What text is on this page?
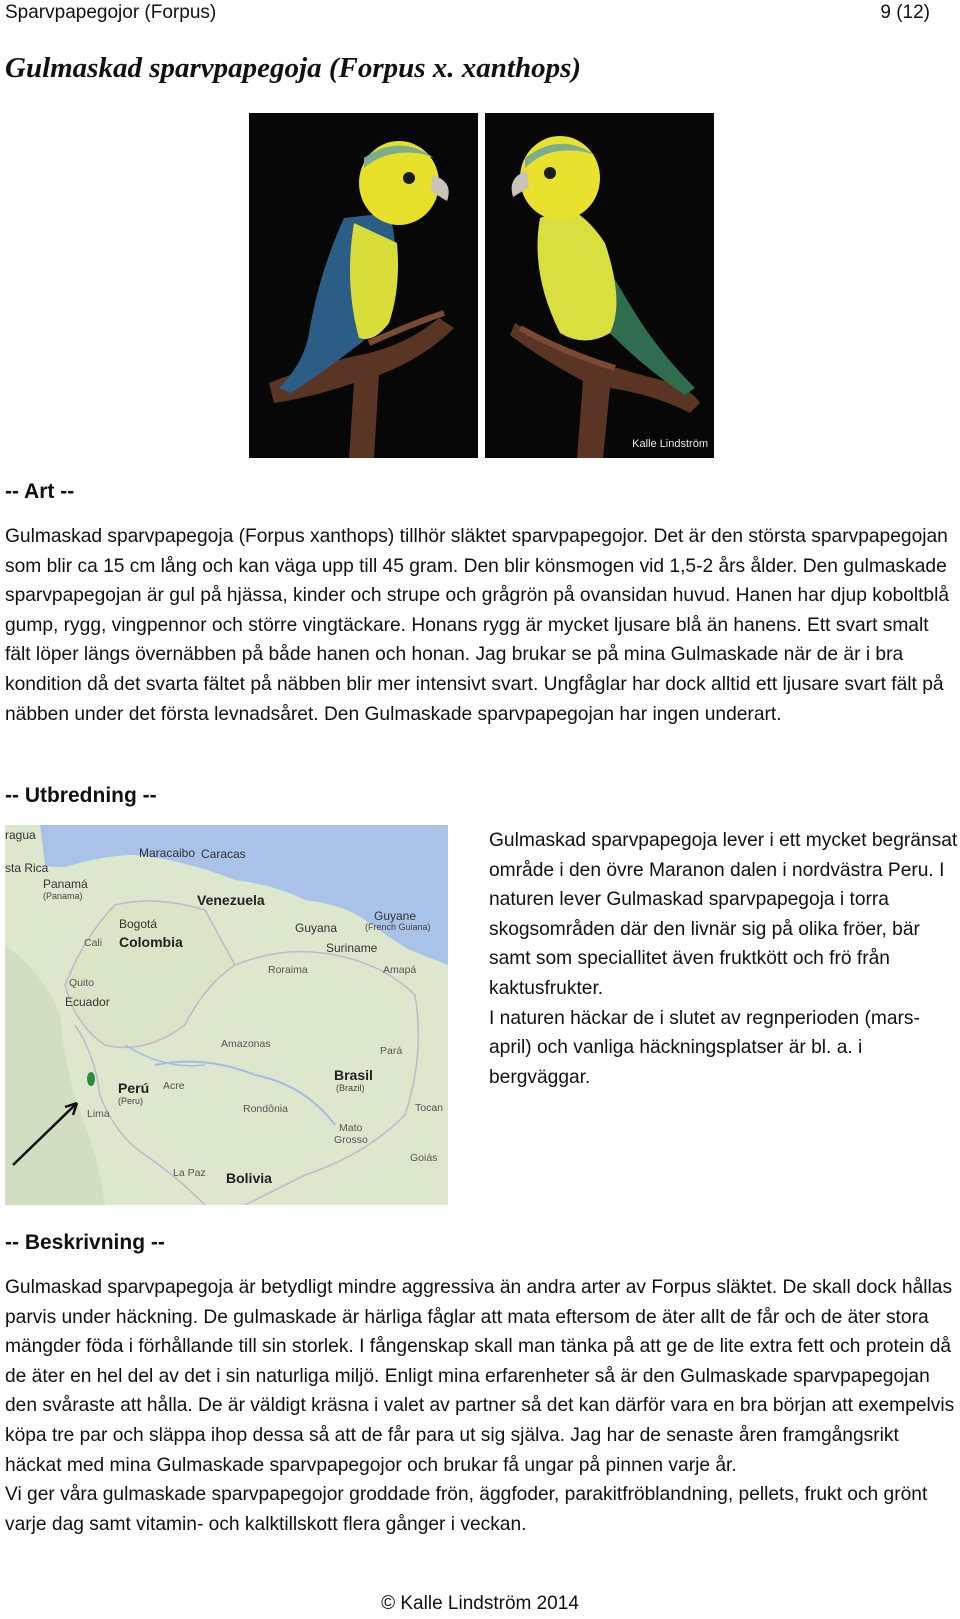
Sparvpapegojor (Forpus)	9 (12)
Gulmaskad sparvpapegoja (Forpus x. xanthops)
Kalle Lindström
-- Art --

Gulmaskad sparvpapegoja (Forpus xanthops) tillhör släktet sparvpapegojor. Det är den största sparvpapegojan som blir ca 15 cm lång och kan väga upp till 45 gram. Den blir könsmogen vid 1,5-2 års ålder. Den gulmaskade sparvpapegojan är gul på hjässa, kinder och strupe och grågrön på ovansidan huvud. Hanen har djup koboltblå gump, rygg, vingpennor och större vingtäckare. Honans rygg är mycket ljusare blå än hanens. Ett svart smalt fält löper längs övernäbben på både hanen och honan. Jag brukar se på mina Gulmaskade när de är i bra kondition då det svarta fältet på näbben blir mer intensivt svart. Ungfåglar har dock alltid ett ljusare svart fält på näbben under det första levnadsåret. Den Gulmaskade sparvpapegojan har ingen underart.

-- Utbredning --
ragua
sta Rica
Panamá
(Panama)
Maracaibo Caracas
Venezuela
Guyane
(French Guiana)
Guyana
Suriname
Bogotá
Cali Colombia
Roraima	Amapá
Quito
Ecuador
Amazonas
Pará
Perú
(Peru)
Acre
Brasil
(Brazil)
Lima	Rondônia	Tocan
Mato
Grosso
La Paz Bolivia
Goiás

Gulmaskad sparvpapegoja lever i ett mycket begränsat område i den övre Maranon dalen i nordvästra Peru. I naturen lever Gulmaskad sparvpapegoja i torra skogsområden där den livnär sig på olika fröer, bär samt som speciallitet även fruktkött och frö från kaktusfrukter.

I naturen häckar de i slutet av regnperioden (mars-april) och vanliga häckningsplatser är bl. a. i bergväggar.

-- Beskrivning --

Gulmaskad sparvpapegoja är betydligt mindre aggressiva än andra arter av Forpus släktet. De skall dock hållas parvis under häckning. De gulmaskade är härliga fåglar att mata eftersom de äter allt de får och de äter stora mängder föda i förhållande till sin storlek. I fångenskap skall man tänka på att ge de lite extra fett och protein då de äter en hel del av det i sin naturliga miljö. Enligt mina erfarenheter så är den Gulmaskade sparvpapegojan den svåraste att hålla. De är väldigt kräsna i valet av partner så det kan därför vara en bra början att exempelvis köpa tre par och släppa ihop dessa så att de får para ut sig själva. Jag har de senaste åren framgångsrikt häckat med mina Gulmaskade sparvpapegojor och brukar få ungar på pinnen varje år.

Vi ger våra gulmaskade sparvpapegojor groddade frön, äggfoder, parakitfröblandning, pellets, frukt och grönt varje dag samt vitamin- och kalktillskott flera gånger i veckan.

© Kalle Lindström 2014
